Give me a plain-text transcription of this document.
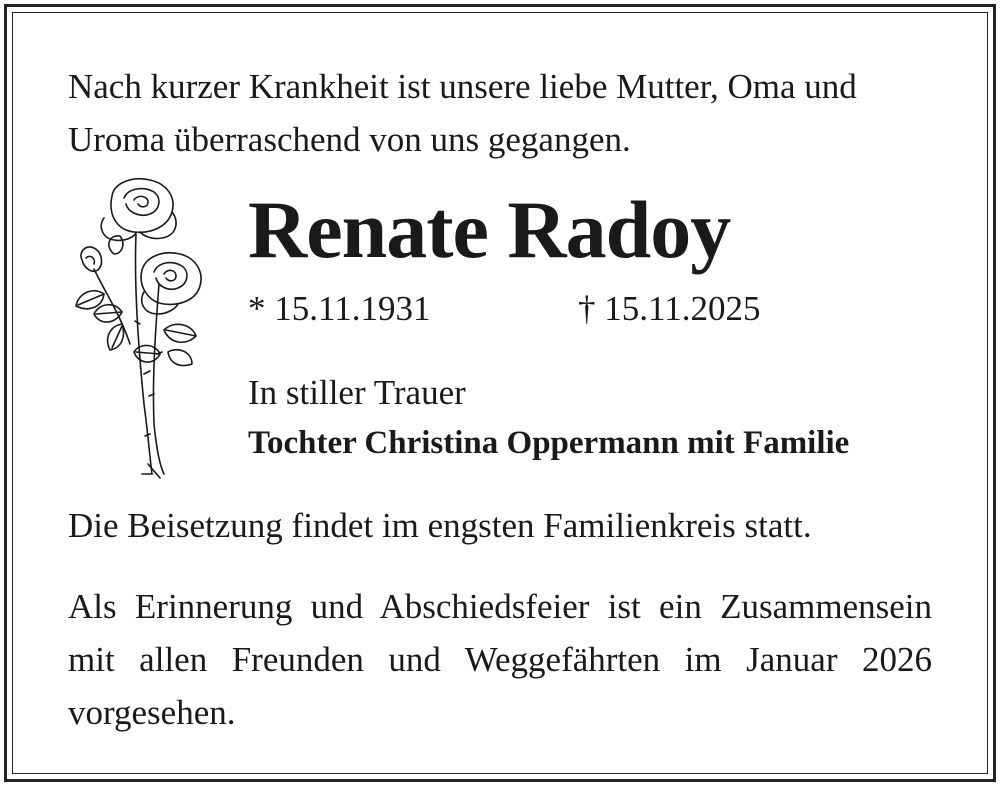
Nach kurzer Krankheit ist unsere liebe Mutter, Oma und
Uroma überraschend von uns gegangen.
Renate Radoy
* 15.11.1931	† 15.11.2025
In stiller Trauer
Tochter Christina Oppermann mit Familie
Die Beisetzung findet im engsten Familienkreis statt.
Als Erinnerung und Abschiedsfeier ist ein Zusammensein
mit allen Freunden und Weggefährten im Januar 2026
vorgesehen.
